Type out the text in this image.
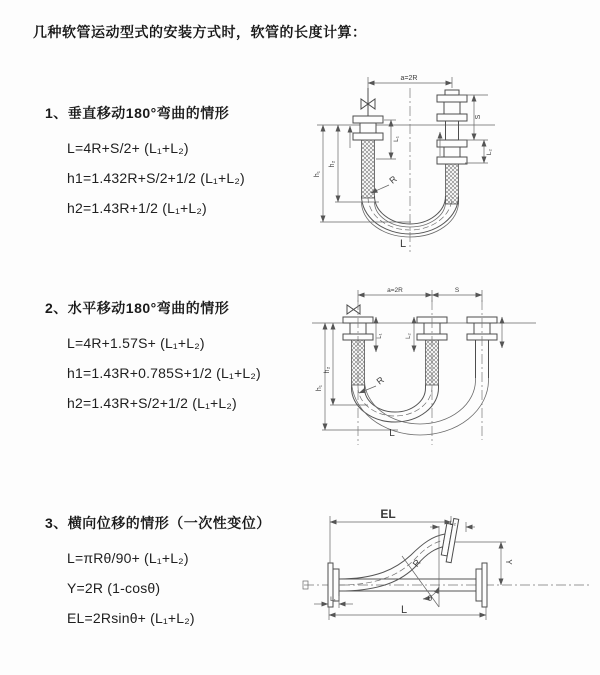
几种软管运动型式的安装方式时，软管的长度计算：
1、垂直移动180°弯曲的情形
L=4R+S/2+ (L₁+L₂)
h1=1.432R+S/2+1/2 (L₁+L₂)
h2=1.43R+1/2 (L₁+L₂)
2、水平移动180°弯曲的情形
L=4R+1.57S+ (L₁+L₂)
h1=1.43R+0.785S+1/2 (L₁+L₂)
h2=1.43R+S/2+1/2 (L₁+L₂)
3、横向位移的情形（一次性变位）
L=πRθ/90+ (L₁+L₂)
Y=2R (1-cosθ)
EL=2Rsinθ+ (L₁+L₂)
a=2R
h₁
h₂
L₁
S
L₂
R
L
a=2R	S
L₁	L₂
h₁
h₂
R
L
θ
R
EL
L₂
Y
L
L₁
